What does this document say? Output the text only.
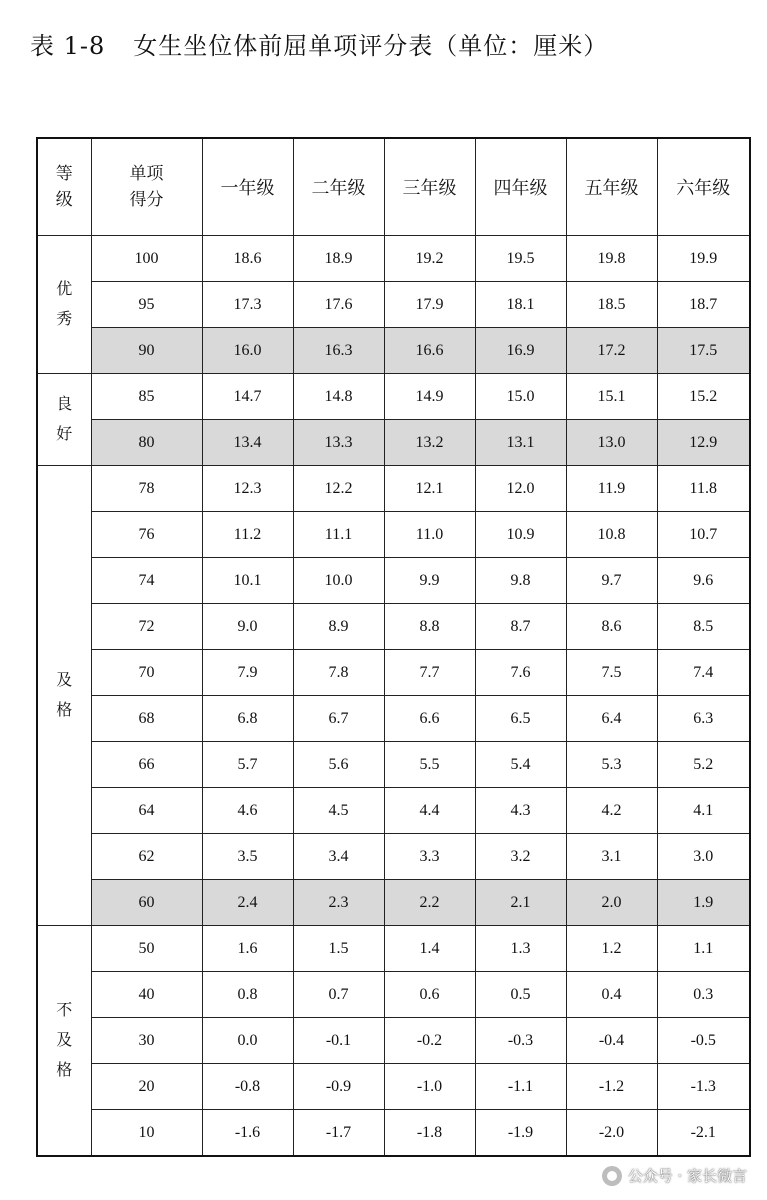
表 1-8 女生坐位体前屈单项评分表（单位：厘米）
等
级	单项
得分	一年级	二年级	三年级	四年级	五年级	六年级

优
秀	100	18.6	18.9	19.2	19.5	19.8	19.9
	95	17.3	17.6	17.9	18.1	18.5	18.7
	90	16.0	16.3	16.6	16.9	17.2	17.5

良
好	85	14.7	14.8	14.9	15.0	15.1	15.2
	80	13.4	13.3	13.2	13.1	13.0	12.9

及
格	78	12.3	12.2	12.1	12.0	11.9	11.8
	76	11.2	11.1	11.0	10.9	10.8	10.7
	74	10.1	10.0	9.9	9.8	9.7	9.6
	72	9.0	8.9	8.8	8.7	8.6	8.5
	70	7.9	7.8	7.7	7.6	7.5	7.4
	68	6.8	6.7	6.6	6.5	6.4	6.3
	66	5.7	5.6	5.5	5.4	5.3	5.2
	64	4.6	4.5	4.4	4.3	4.2	4.1
	62	3.5	3.4	3.3	3.2	3.1	3.0
	60	2.4	2.3	2.2	2.1	2.0	1.9

不
及
格	50	1.6	1.5	1.4	1.3	1.2	1.1
	40	0.8	0.7	0.6	0.5	0.4	0.3
	30	0.0	-0.1	-0.2	-0.3	-0.4	-0.5
	20	-0.8	-0.9	-1.0	-1.1	-1.2	-1.3
	10	-1.6	-1.7	-1.8	-1.9	-2.0	-2.1
公众号 · 家长微言
